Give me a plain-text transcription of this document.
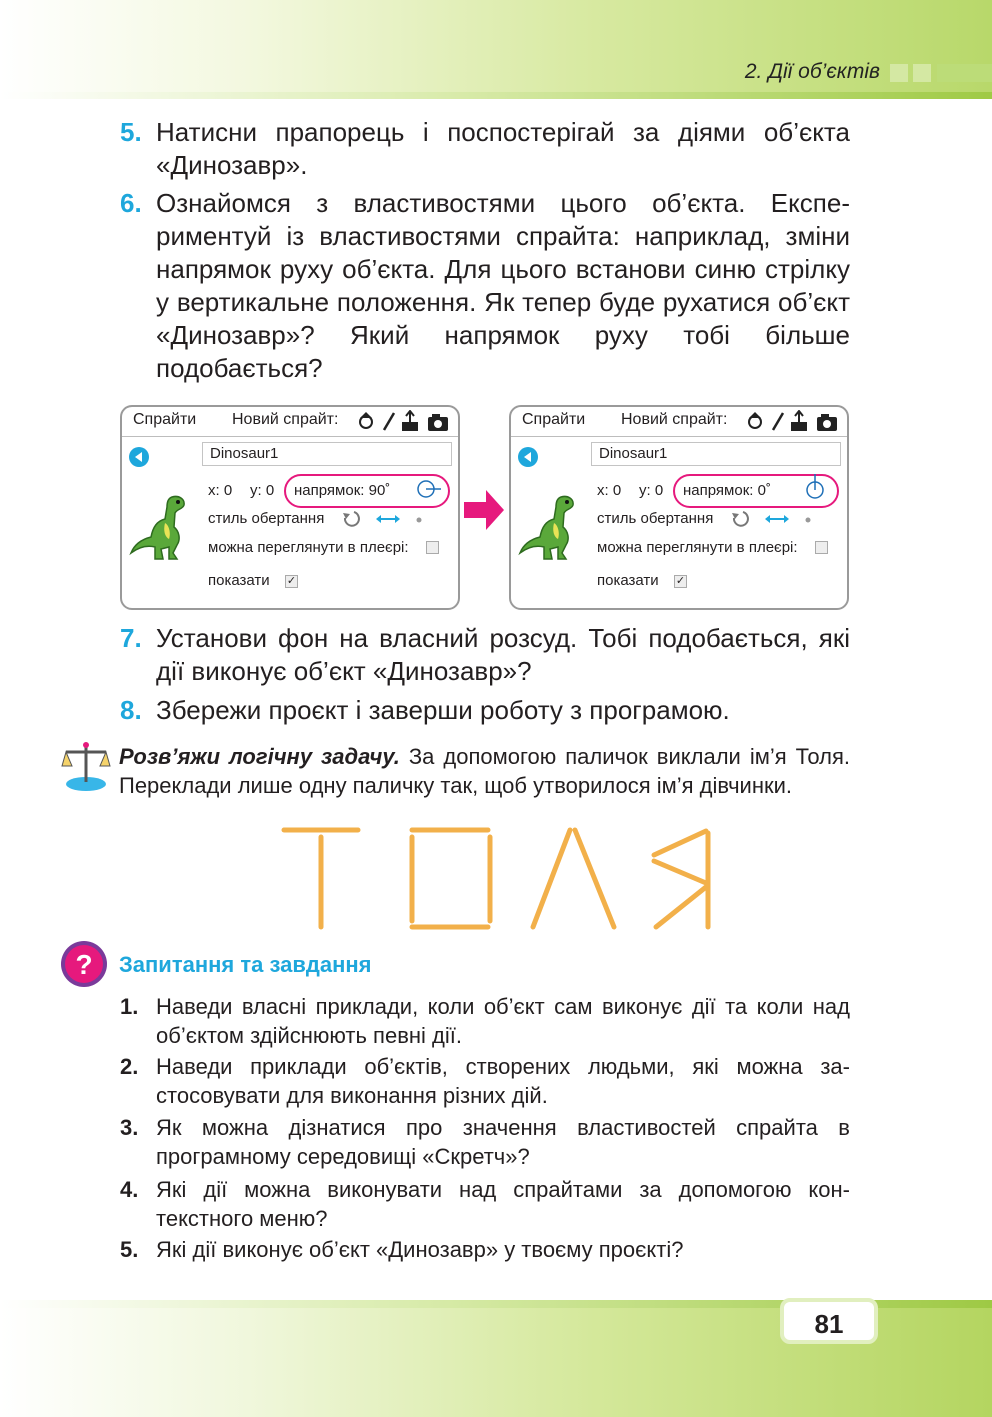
2. Дії об’єктів
5. Натисни прапорець і поспостерігай за діями об’єкта «Динозавр».
6. Ознайомся з властивостями цього об’єкта. Експериментуй із властивостями спрайта: наприклад, зміни напрямок руху об’єкта. Для цього встанови синю стрілку у вертикальне положення. Як тепер буде рухатися об’єкт «Динозавр»? Який напрямок руху тобі більше подобається?
Спрайти Новий спрайт:
Dinosaur1
x: 0 y: 0 напрямок: 90˚
стиль обертання
можна переглянути в плеєрі:
показати ✓
Спрайти Новий спрайт:
Dinosaur1
x: 0 y: 0 напрямок: 0˚
стиль обертання
можна переглянути в плеєрі:
показати ✓
7. Установи фон на власний розсуд. Тобі подобається, які дії виконує об’єкт «Динозавр»?
8. Збережи проєкт і заверши роботу з програмою.
Розв’яжи логічну задачу. За допомогою паличок виклали ім’я Толя. Переклади лише одну паличку так, щоб утворилося ім’я дівчинки.
? Запитання та завдання
1. Наведи власні приклади, коли об’єкт сам виконує дії та коли над об’єктом здійснюють певні дії.
2. Наведи приклади об’єктів, створених людьми, які можна застосовувати для виконання різних дій.
3. Як можна дізнатися про значення властивостей спрайта в програмному середовищі «Скретч»?
4. Які дії можна виконувати над спрайтами за допомогою контекстного меню?
5. Які дії виконує об’єкт «Динозавр» у твоєму проєкті?
81
